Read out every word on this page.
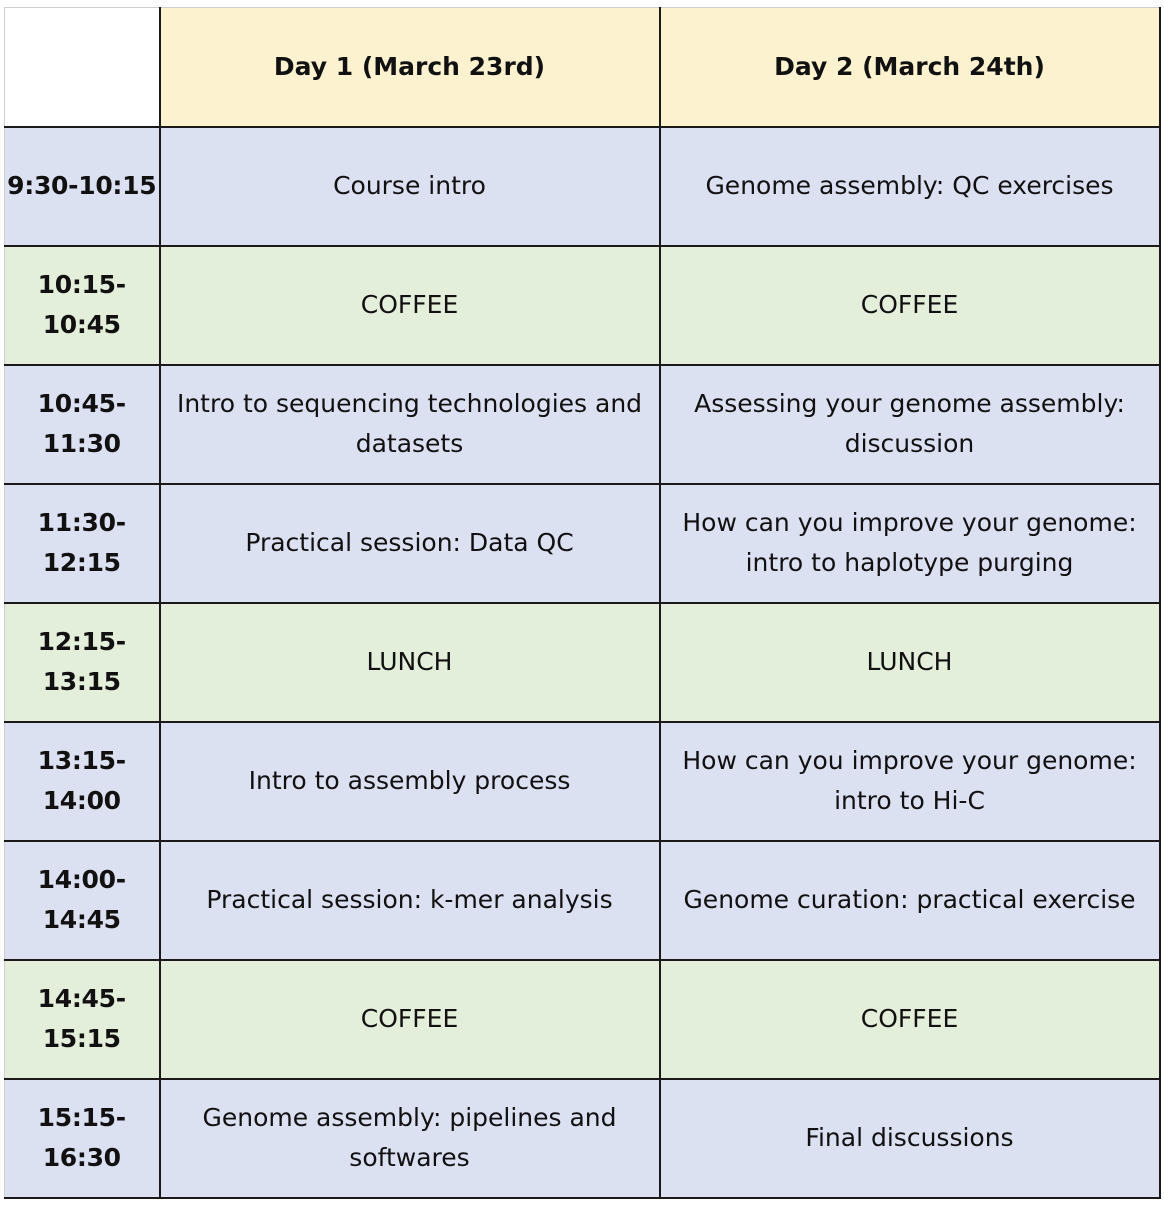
	Day 1 (March 23rd)	Day 2 (March 24th)
9:30-10:15	Course intro	Genome assembly: QC exercises
10:15-10:45	COFFEE	COFFEE
10:45-11:30	Intro to sequencing technologies and datasets	Assessing your genome assembly: discussion
11:30-12:15	Practical session: Data QC	How can you improve your genome: intro to haplotype purging
12:15-13:15	LUNCH	LUNCH
13:15-14:00	Intro to assembly process	How can you improve your genome: intro to Hi-C
14:00-14:45	Practical session: k-mer analysis	Genome curation: practical exercise
14:45-15:15	COFFEE	COFFEE
15:15-16:30	Genome assembly: pipelines and softwares	Final discussions
